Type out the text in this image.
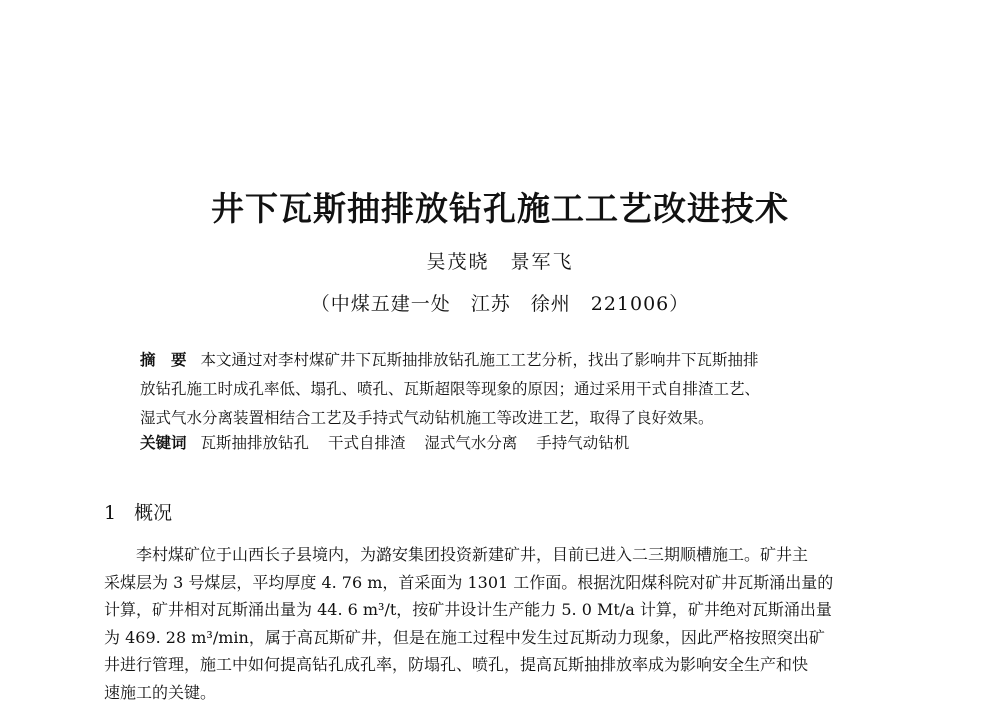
井下瓦斯抽排放钻孔施工工艺改进技术
吴茂晓　景军飞
（中煤五建一处　江苏　徐州　221006）
摘　要 本文通过对李村煤矿井下瓦斯抽排放钻孔施工工艺分析，找出了影响井下瓦斯抽排
放钻孔施工时成孔率低、塌孔、喷孔、瓦斯超限等现象的原因；通过采用干式自排渣工艺、
湿式气水分离装置相结合工艺及手持式气动钻机施工等改进工艺，取得了良好效果。
关键词 瓦斯抽排放钻孔 干式自排渣 湿式气水分离 手持气动钻机
1 概况
李村煤矿位于山西长子县境内，为潞安集团投资新建矿井，目前已进入二三期顺槽施工。矿井主
采煤层为 3 号煤层，平均厚度 4. 76 m，首采面为 1301 工作面。根据沈阳煤科院对矿井瓦斯涌出量的
计算，矿井相对瓦斯涌出量为 44. 6 m³/t，按矿井设计生产能力 5. 0 Mt/a 计算，矿井绝对瓦斯涌出量
为 469. 28 m³/min，属于高瓦斯矿井，但是在施工过程中发生过瓦斯动力现象，因此严格按照突出矿
井进行管理，施工中如何提高钻孔成孔率，防塌孔、喷孔，提高瓦斯抽排放率成为影响安全生产和快
速施工的关键。
